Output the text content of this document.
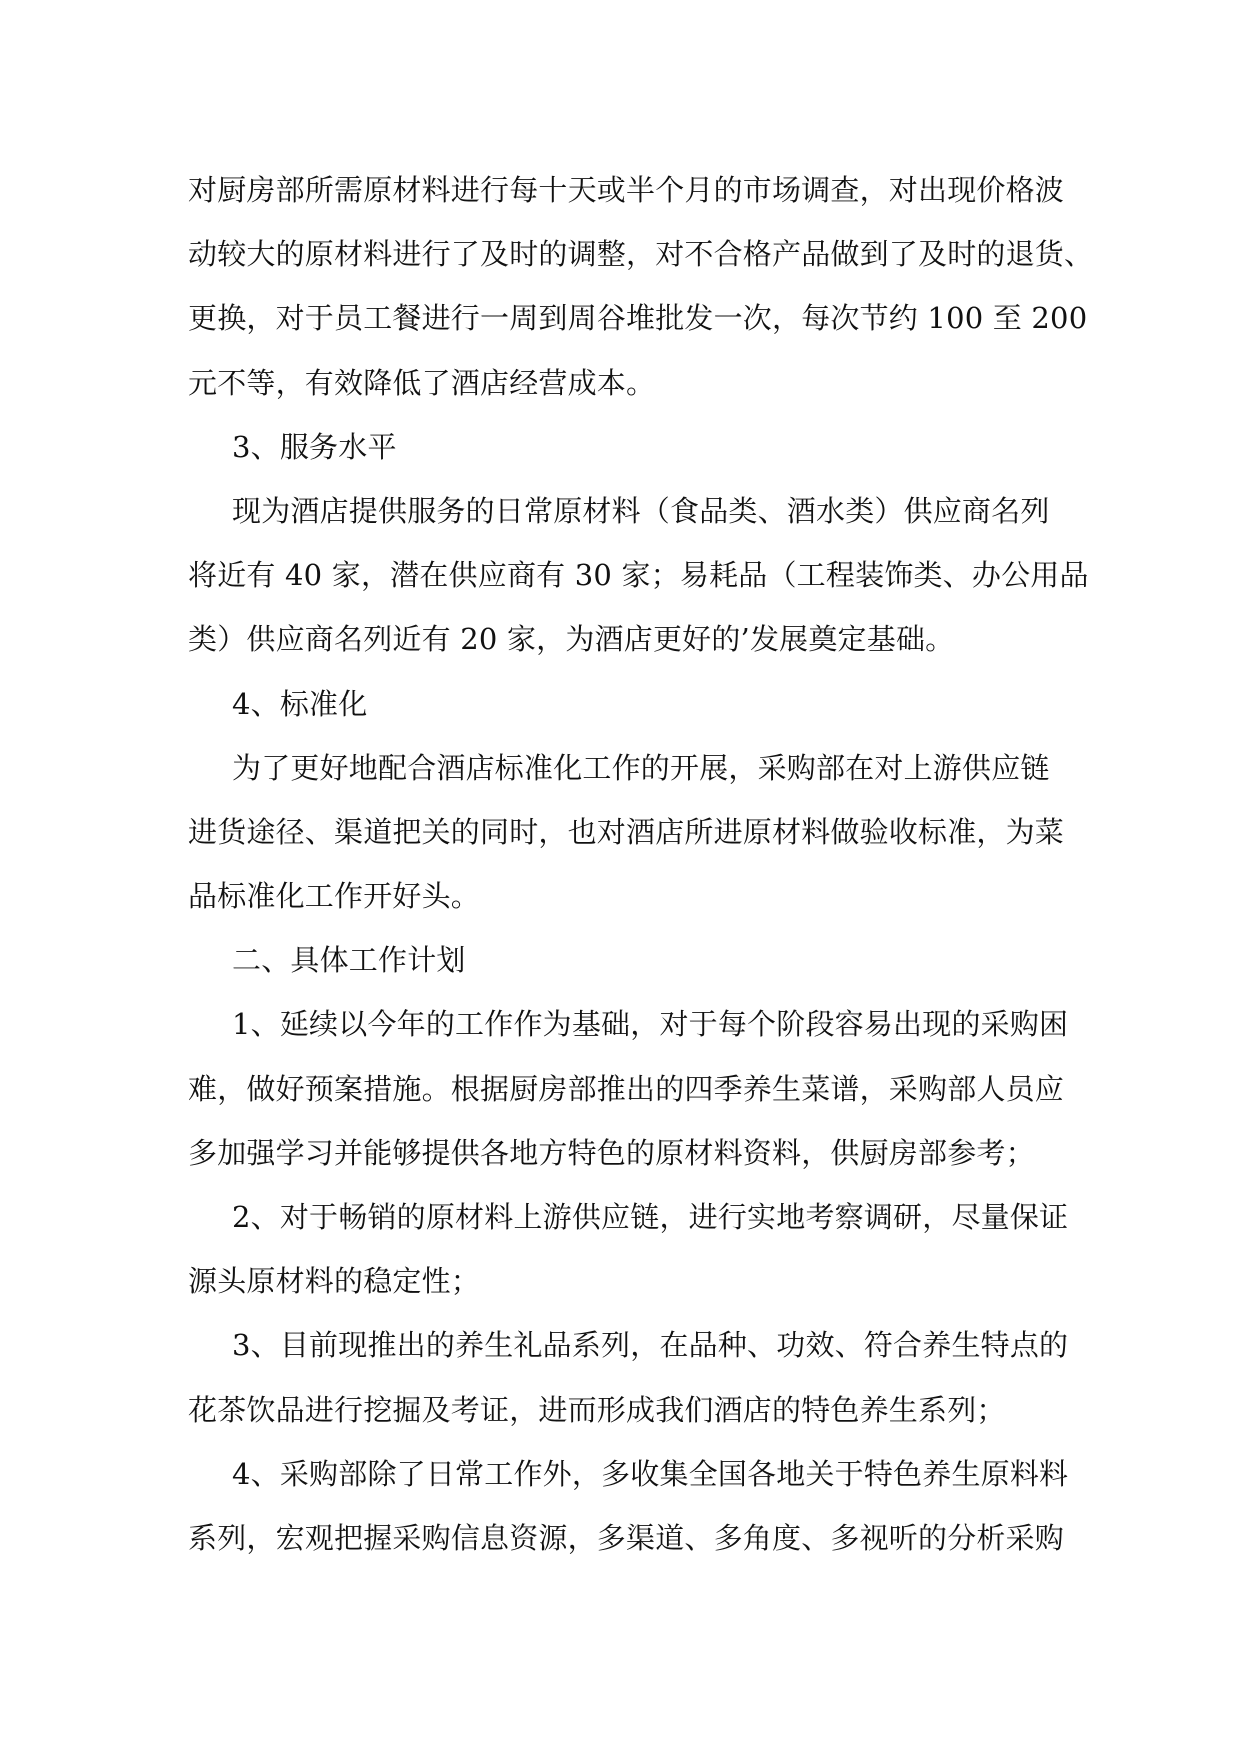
对厨房部所需原材料进行每十天或半个月的市场调查，对出现价格波
动较大的原材料进行了及时的调整，对不合格产品做到了及时的退货、
更换，对于员工餐进行一周到周谷堆批发一次，每次节约 100 至 200
元不等，有效降低了酒店经营成本。
3、服务水平
现为酒店提供服务的日常原材料（食品类、酒水类）供应商名列
将近有 40 家，潜在供应商有 30 家；易耗品（工程装饰类、办公用品
类）供应商名列近有 20 家，为酒店更好的’发展奠定基础。
4、标准化
为了更好地配合酒店标准化工作的开展，采购部在对上游供应链
进货途径、渠道把关的同时，也对酒店所进原材料做验收标准，为菜
品标准化工作开好头。
二、具体工作计划
1、延续以今年的工作作为基础，对于每个阶段容易出现的采购困
难，做好预案措施。根据厨房部推出的四季养生菜谱，采购部人员应
多加强学习并能够提供各地方特色的原材料资料，供厨房部参考；
2、对于畅销的原材料上游供应链，进行实地考察调研，尽量保证
源头原材料的稳定性；
3、目前现推出的养生礼品系列，在品种、功效、符合养生特点的
花茶饮品进行挖掘及考证，进而形成我们酒店的特色养生系列；
4、采购部除了日常工作外，多收集全国各地关于特色养生原料料
系列，宏观把握采购信息资源，多渠道、多角度、多视听的分析采购
